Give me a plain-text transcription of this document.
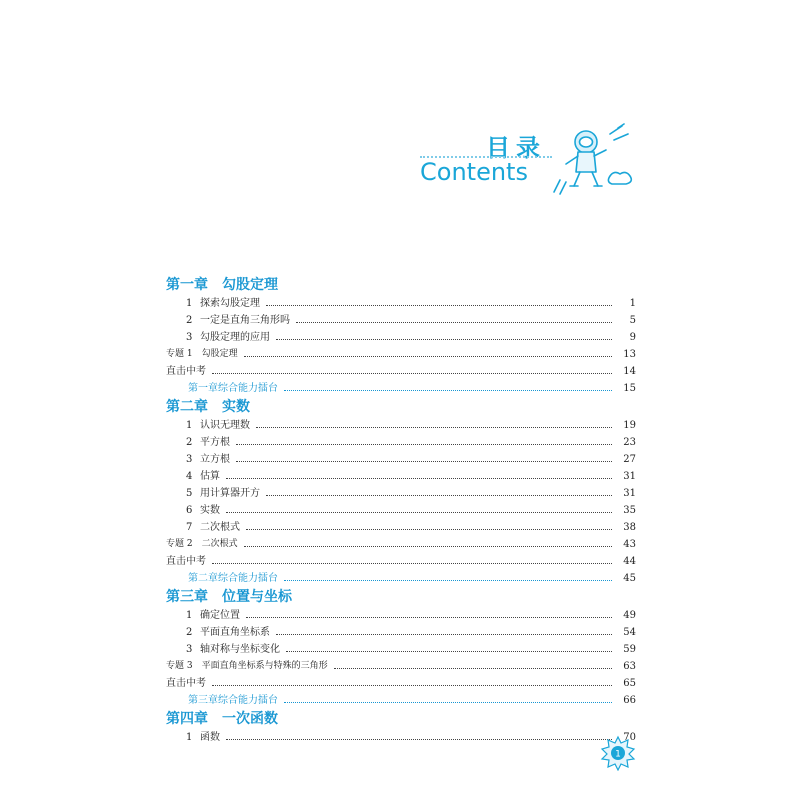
目录
Contents
第一章　勾股定理
1 探索勾股定理	1
2 一定是直角三角形吗	5
3 勾股定理的应用	9
专题 1　勾股定理	13
直击中考	14
第一章综合能力擂台	15
第二章　实数
1 认识无理数	19
2 平方根	23
3 立方根	27
4 估算	31
5 用计算器开方	31
6 实数	35
7 二次根式	38
专题 2　二次根式	43
直击中考	44
第二章综合能力擂台	45
第三章　位置与坐标
1 确定位置	49
2 平面直角坐标系	54
3 轴对称与坐标变化	59
专题 3　平面直角坐标系与特殊的三角形	63
直击中考	65
第三章综合能力擂台	66
第四章　一次函数
1 函数	70
1
